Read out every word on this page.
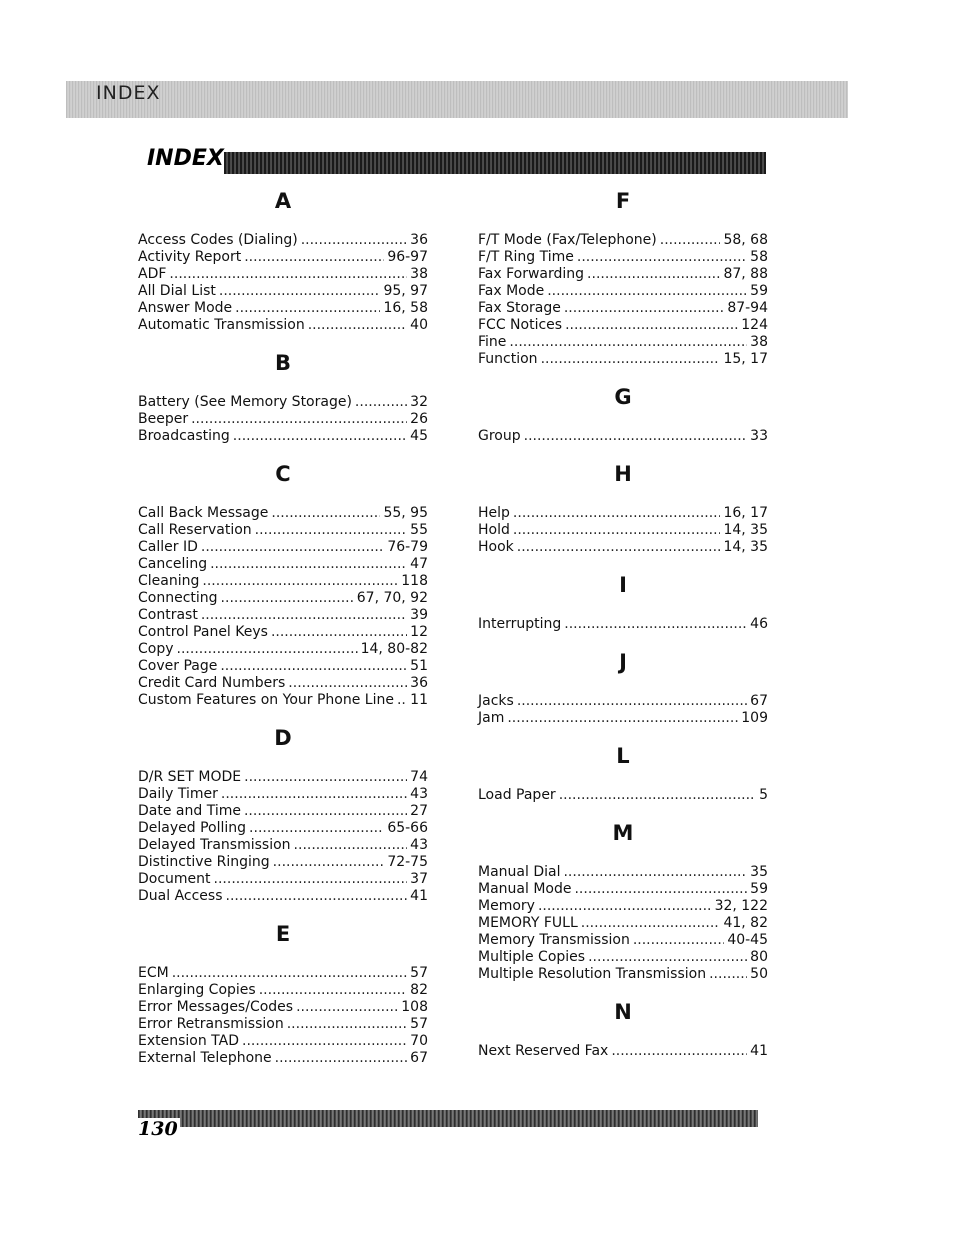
INDEX
INDEX
A
Access Codes (Dialing) .....	36
Activity Report .....	96-97
ADF .....	38
All Dial List .....	95, 97
Answer Mode .....	16, 58
Automatic Transmission .....	40
B
Battery (See Memory Storage) .....	32
Beeper .....	26
Broadcasting .....	45
C
Call Back Message .....	55, 95
Call Reservation .....	55
Caller ID .....	76-79
Canceling .....	47
Cleaning .....	118
Connecting .....	67, 70, 92
Contrast .....	39
Control Panel Keys .....	12
Copy .....	14, 80-82
Cover Page .....	51
Credit Card Numbers .....	36
Custom Features on Your Phone Line ..... 11
D
D/R SET MODE .....	74
Daily Timer .....	43
Date and Time .....	27
Delayed Polling .....	65-66
Delayed Transmission .....	43
Distinctive Ringing .....	72-75
Document .....	37
Dual Access .....	41
E
ECM .....	57
Enlarging Copies .....	82
Error Messages/Codes .....	108
Error Retransmission .....	57
Extension TAD .....	70
External Telephone .....	67
F
F/T Mode (Fax/Telephone) .....	58, 68
F/T Ring Time .....	58
Fax Forwarding .....	87, 88
Fax Mode .....	59
Fax Storage .....	87-94
FCC Notices .....	124
Fine .....	38
Function .....	15, 17
G
Group .....	33
H
Help .....	16, 17
Hold .....	14, 35
Hook .....	14, 35
I
Interrupting .....	46
J
Jacks .....	67
Jam .....	109
L
Load Paper .....	5
M
Manual Dial .....	35
Manual Mode .....	59
Memory .....	32, 122
MEMORY FULL .....	41, 82
Memory Transmission .....	40-45
Multiple Copies .....	80
Multiple Resolution Transmission .....	50
N
Next Reserved Fax .....	41
130
